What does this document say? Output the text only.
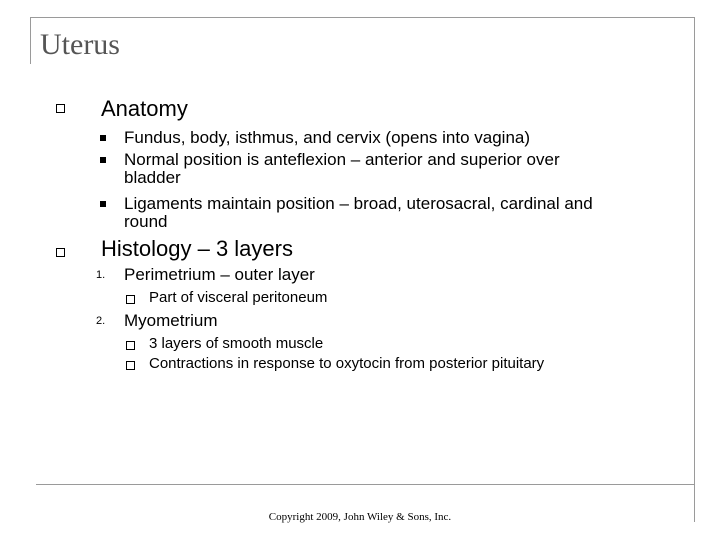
Uterus
Anatomy
Fundus, body, isthmus, and cervix (opens into vagina)
Normal position is anteflexion – anterior and superior over
bladder
Ligaments maintain position – broad, uterosacral, cardinal and
round
Histology – 3 layers
1. Perimetrium – outer layer
Part of visceral peritoneum
2. Myometrium
3 layers of smooth muscle
Contractions in response to oxytocin from posterior pituitary
Copyright 2009, John Wiley & Sons, Inc.
